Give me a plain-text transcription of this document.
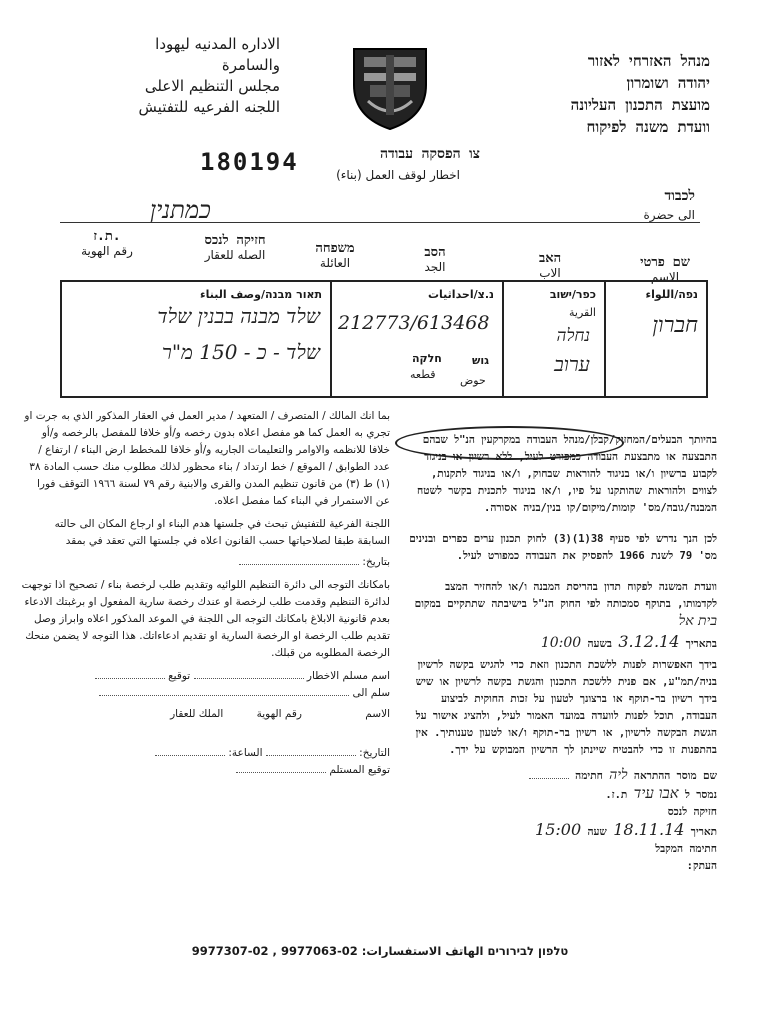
الاداره المدنيه ليهودا

والسامرة

مجلس التنظيم الاعلى

اللجنه الفرعيه للتفتيش

מנהל האזרחי לאזור

יהודה ושומרון

מועצת התכנון העליונה

וועדת משנה לפיקוח

180194	צו הפסקה עבודה
اخطار لوقف العمل (بناء)
לכבוד
الى حضرة
כמתנין
ת.ז.
رقم الهوية
חזיקה לנכס
الصله للعقار	משפחה
العائلة
הסב
الجد
האב
الاب
שם פרטי
الاسم
תאור מבנה/وصف البناء
שלד מבנה בבנין שלד
שלד - כ - 150 מ"ר
נ.צ/احداثيات
212773/613468
חלקה
قطعه
גוש
حوض
כפר/ישוב
القرية
נחלה
ערוב
נפה/اللواء
חברון

بما انك المالك / المتصرف / المتعهد / مدير العمل في العقار المذكور الذي به جرت او تجري به العمل كما هو مفصل اعلاه بدون رخصه و/أو خلافا للمفصل بالرخصه و/أو خلافا للانظمه والاوامر والتعليمات الجاريه و/أو خلافا للمخطط ارض البناء / ارتفاع / عدد الطوابق / الموقع / خط ارتداد / بناء محظور لذلك مطلوب منك حسب المادة ٣٨ (١) ط (٣) من قانون تنظيم المدن والقرى والابنية رقم ٧٩ لسنة ١٩٦٦ التوقف فورا عن الاستمرار في البناء كما مفصل اعلاه.

اللجنة الفرعية للتفتيش تبحث في جلستها هدم البناء او ارجاع المكان الى حالته السابقة طبقا لصلاحياتها حسب القانون اعلاه في جلستها التي تعقد في بمقد

بتاريخ:

بامكانك التوجه الى دائرة التنظيم اللوائيه وتقديم طلب لرخصة بناء / تصحيح اذا توجهت لدائرة التنظيم وقدمت طلب لرخصة او عندك رخصة سارية المفعول او برغبتك الادعاء بعدم قانونية الابلاغ بامكانك التوجه الى اللجنة في الموعد المذكور اعلاه وابراز وصل تقديم طلب الرخصة او الرخصة السارية او تقديم ادعاءاتك. هذا التوجه لا يضمن منحك الرخصة المطلوبه من قبلك.

اسم مسلم الاخطار  توقيع

سلم الى

الاسم رقم الهوية الملك للعقار

التاريخ:  الساعة:

توقيع المستلم

בהיותך הבעלים/המחזיק/קבלן/מנהל העבודה במקרקעין הנ"ל שבהם התבצעה או מתבצעת העבודה כמפורט לעיל, ללא רשיון או בניגוד לקבוע ברשיון ו/או בניגוד להוראות שבחוק, ו/או בניגוד לתקנות, לצווים ולהוראות שהותקנו על פיו, ו/או בניגוד לתכנית בקשר לשטח המבנה/גובה/מס' קומות/מיקום/קו בנין/בניה אסורה.

לכן הנך נדרש לפי סעיף 38(1)(3) לחוק תכנון ערים כפרים ובנינים מס' 79 לשנת 1966 להפסיק את העבודה כמפורט לעיל.

וועדת המשנה לפקוח תדון בהריסת המבנה ו/או להחזיר המצב לקדמותו, בתוקף סמכותה לפי החוק הנ"ל בישיבתה שתתקיים במקום

בית אל

בתאריך 3.12.14 בשעה 10:00

בידך האפשרות לפנות ללשכת התכנון וזאת כדי להגיש בקשה לרשיון בניה/תמ"ע, אם פנית ללשכת התכנון והגשת בקשה לרשיון או שיש בידך רשיון בר-תוקף או ברצונך לטעון על זכות החוקית לביצוע העבודה, תוכל לפנות לוועדה במועד האמור לעיל, ולהציג אישור על הגשת הבקשה לרשיון, או רשיון בר-תוקף ו/או לטעון טענותיך. אין בהתפנות זו כדי להבטיח שיינתן לך הרשיון המבוקש על ידך.

שם מוסר ההתראה ליה חתימה

נמסר ל אבו עיד ת.ז.

חזיקה לנכס

תאריך 18.11.14 שעה 15:00

חתימה המקבל

העתק:

טלפון לבירורים الهاتف الاستفسارات: 02-9977063 , 02-9977307
